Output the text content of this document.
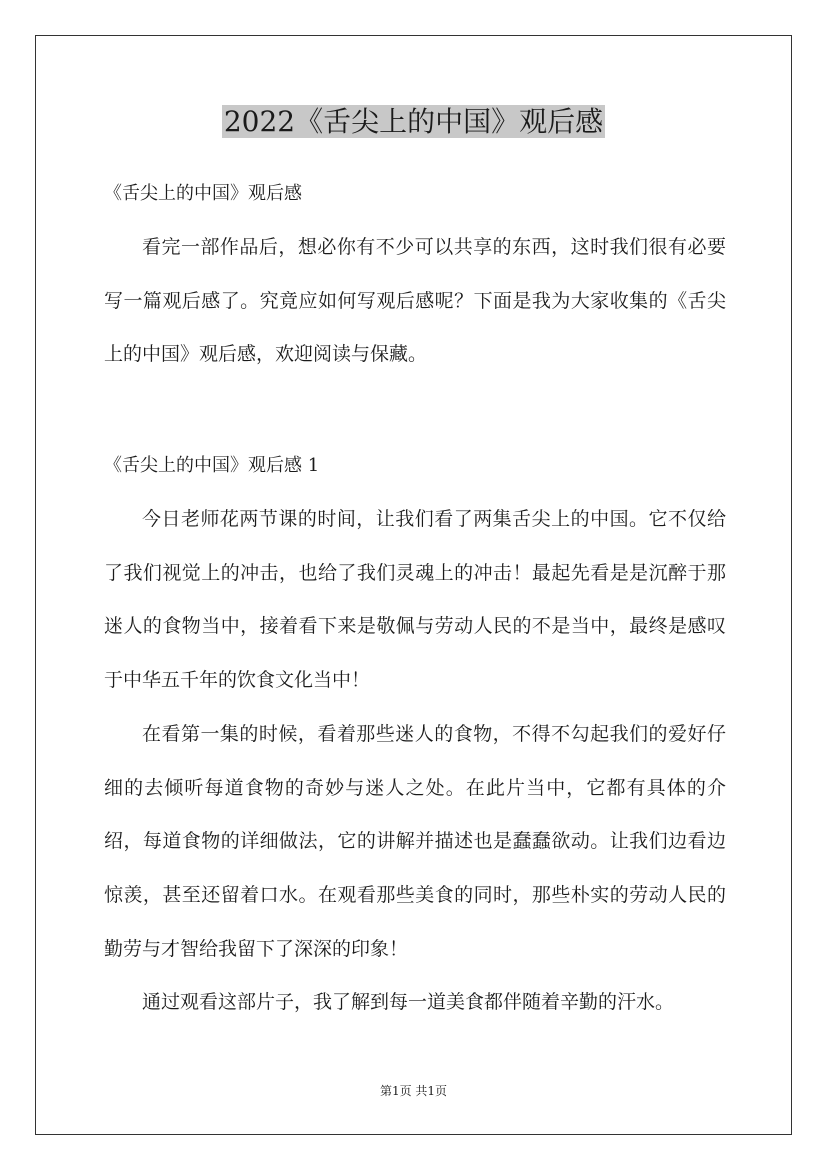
2022《舌尖上的中国》观后感

《舌尖上的中国》观后感

看完一部作品后，想必你有不少可以共享的东西，这时我们很有必要写一篇观后感了。究竟应如何写观后感呢？下面是我为大家收集的《舌尖上的中国》观后感，欢迎阅读与保藏。

《舌尖上的中国》观后感 1

今日老师花两节课的时间，让我们看了两集舌尖上的中国。它不仅给了我们视觉上的冲击，也给了我们灵魂上的冲击！最起先看是是沉醉于那迷人的食物当中，接着看下来是敬佩与劳动人民的不是当中，最终是感叹于中华五千年的饮食文化当中！

在看第一集的时候，看着那些迷人的食物，不得不勾起我们的爱好仔细的去倾听每道食物的奇妙与迷人之处。在此片当中，它都有具体的介绍，每道食物的详细做法，它的讲解并描述也是蠢蠢欲动。让我们边看边惊羡，甚至还留着口水。在观看那些美食的同时，那些朴实的劳动人民的勤劳与才智给我留下了深深的印象！

通过观看这部片子，我了解到每一道美食都伴随着辛勤的汗水。

第1页 共1页
